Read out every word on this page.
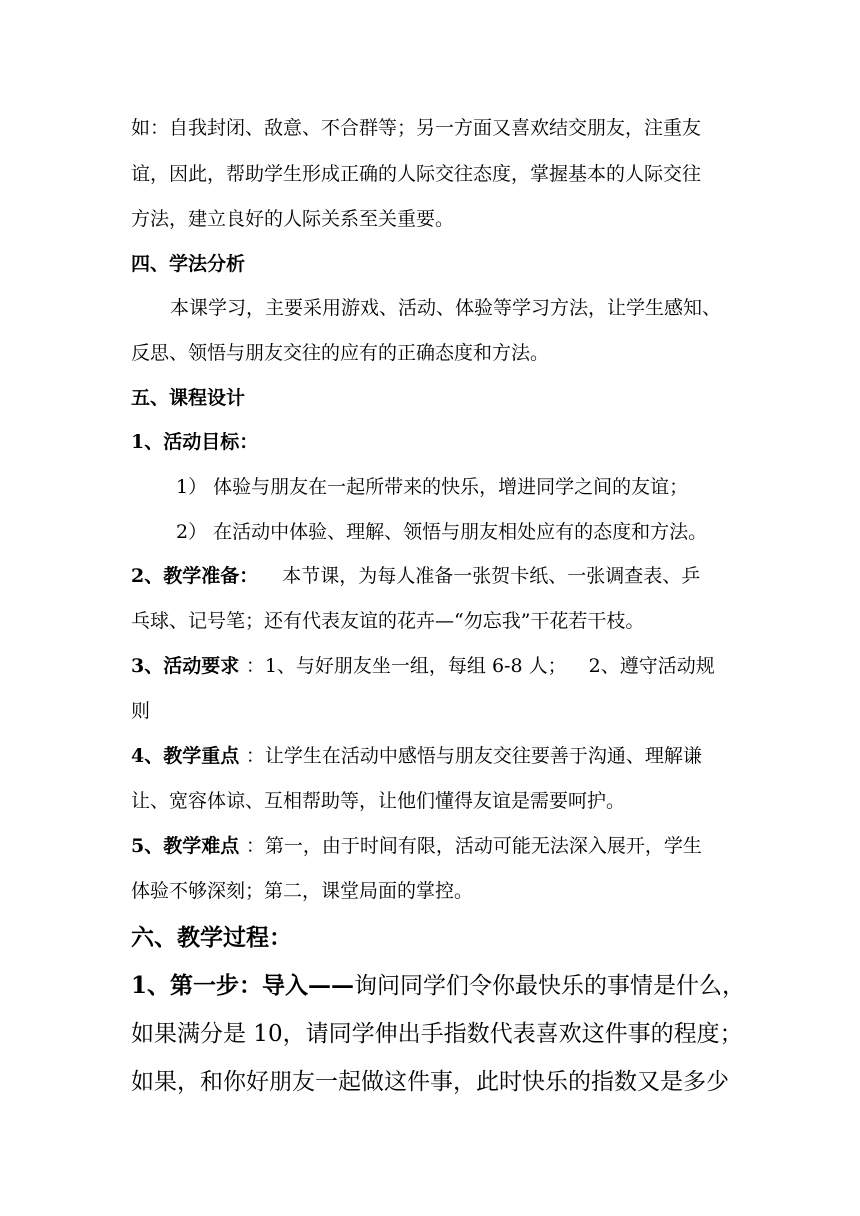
如：自我封闭、敌意、不合群等；另一方面又喜欢结交朋友，注重友
谊，因此，帮助学生形成正确的人际交往态度，掌握基本的人际交往
方法，建立良好的人际关系至关重要。
四、学法分析
本课学习，主要采用游戏、活动、体验等学习方法，让学生感知、
反思、领悟与朋友交往的应有的正确态度和方法。
五、课程设计
1、活动目标：
1） 体验与朋友在一起所带来的快乐，增进同学之间的友谊；
2） 在活动中体验、理解、领悟与朋友相处应有的态度和方法。
2、教学准备： 本节课，为每人准备一张贺卡纸、一张调查表、乒
乓球、记号笔；还有代表友谊的花卉—“勿忘我”干花若干枝。
3、活动要求 ：1、与好朋友坐一组，每组 6-8 人； 2、遵守活动规
则
4、教学重点 ：让学生在活动中感悟与朋友交往要善于沟通、理解谦
让、宽容体谅、互相帮助等，让他们懂得友谊是需要呵护。
5、教学难点 ：第一，由于时间有限，活动可能无法深入展开，学生
体验不够深刻；第二，课堂局面的掌控。
六、教学过程：
1、第一步：导入——询问同学们令你最快乐的事情是什么，
如果满分是 10，请同学伸出手指数代表喜欢这件事的程度；
如果，和你好朋友一起做这件事，此时快乐的指数又是多少
